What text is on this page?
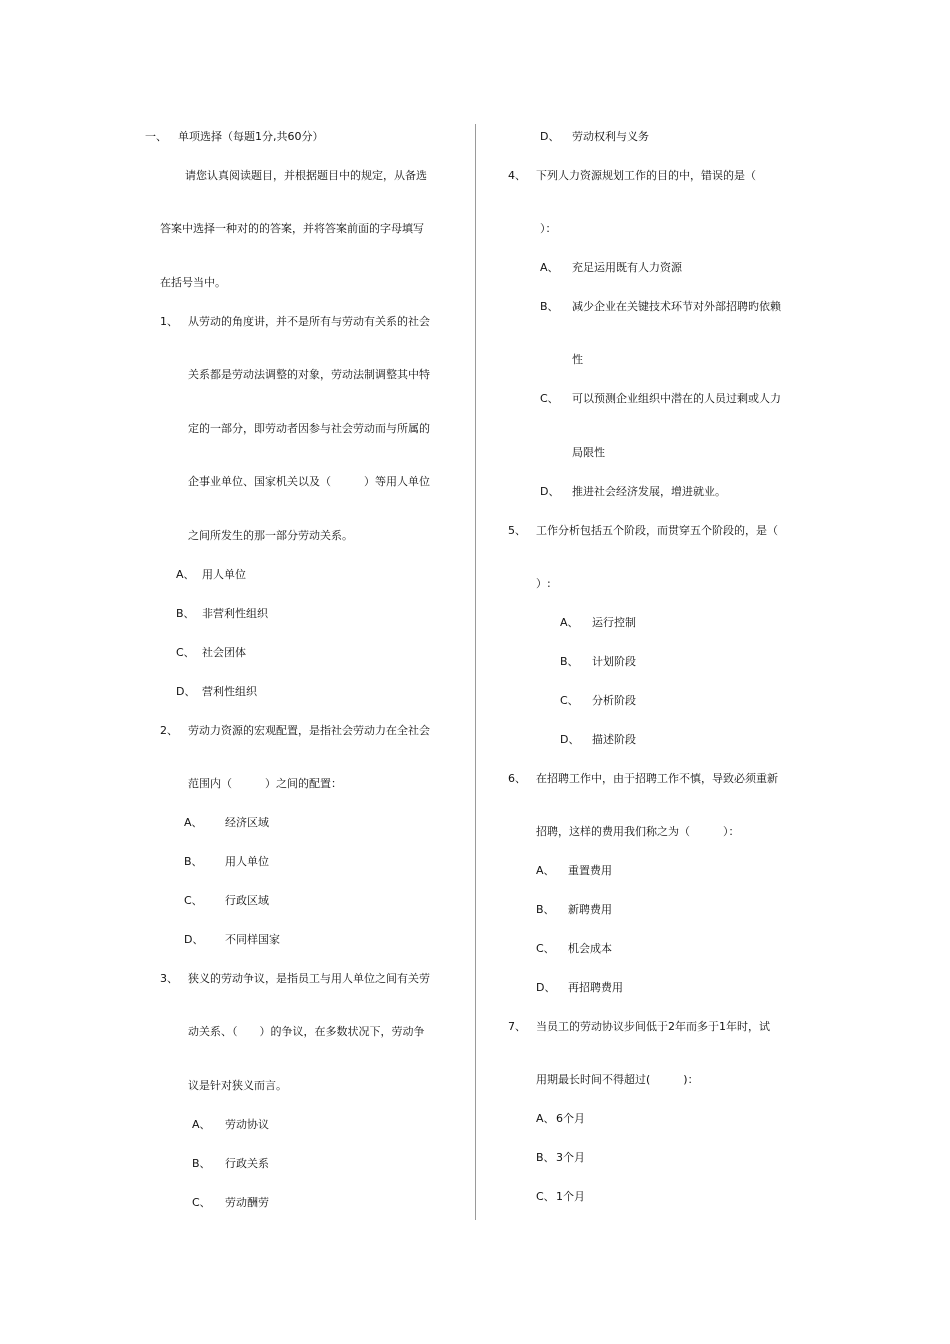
一、 单项选择（每题1分,共60分）

请您认真阅读题目，并根据题目中的规定，从备选

答案中选择一种对的的答案，并将答案前面的字母填写

在括号当中。

1、 从劳动的角度讲，并不是所有与劳动有关系的社会

关系都是劳动法调整的对象，劳动法制调整其中特

定的一部分，即劳动者因参与社会劳动而与所属的

企事业单位、国家机关以及（　　　）等用人单位

之间所发生的那一部分劳动关系。

A、 用人单位

B、 非营利性组织

C、 社会团体

D、 营利性组织

2、 劳动力资源的宏观配置，是指社会劳动力在全社会

范围内（　　　）之间的配置：

A、 经济区域

B、 用人单位

C、 行政区域

D、 不同样国家

3、 狭义的劳动争议，是指员工与用人单位之间有关劳

动关系、（　　）的争议，在多数状况下，劳动争

议是针对狭义而言。

A、 劳动协议

B、 行政关系

C、 劳动酬劳

D、 劳动权利与义务

4、 下列人力资源规划工作的目的中，错误的是（

）：

A、 充足运用既有人力资源

B、 减少企业在关键技术环节对外部招聘旳依赖

性

C、 可以预测企业组织中潜在的人员过剩或人力

局限性

D、 推进社会经济发展，增进就业。

5、 工作分析包括五个阶段，而贯穿五个阶段的，是（

）:

A、 运行控制

B、 计划阶段

C、 分析阶段

D、 描述阶段

6、 在招聘工作中，由于招聘工作不慎，导致必须重新

招聘，这样的费用我们称之为（　　　）：

A、 重置费用

B、 新聘费用

C、 机会成本

D、 再招聘费用

7、 当员工的劳动协议步间低于2年而多于1年时，试

用期最长时间不得超过(　　　)：

A、 6个月

B、 3个月

C、 1个月
